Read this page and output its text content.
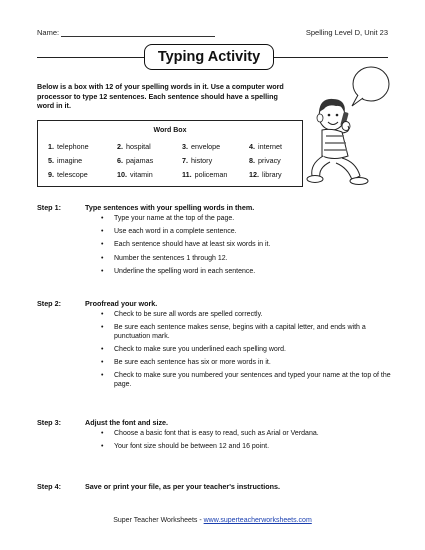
Name:	Spelling Level D, Unit 23
Typing Activity
Below is a box with 12 of your spelling words in it. Use a computer word processor to type 12 sentences. Each sentence should have a spelling word in it.
Word Box
1. telephone	2. hospital	3. envelope	4. internet
5. imagine	6. pajamas	7. history	8. privacy
9. telescope	10. vitamin	11. policeman	12. library
Step 1:	Type sentences with your spelling words in them.
• Type your name at the top of the page.
• Use each word in a complete sentence.
• Each sentence should have at least six words in it.
• Number the sentences 1 through 12.
• Underline the spelling word in each sentence.
Step 2:	Proofread your work.
• Check to be sure all words are spelled correctly.
• Be sure each sentence makes sense, begins with a capital letter, and ends with a punctuation mark.
• Check to make sure you underlined each spelling word.
• Be sure each sentence has six or more words in it.
• Check to make sure you numbered your sentences and typed your name at the top of the page.
Step 3:	Adjust the font and size.
• Choose a basic font that is easy to read, such as Arial or Verdana.
• Your font size should be between 12 and 16 point.
Step 4:	Save or print your file, as per your teacher's instructions.
Super Teacher Worksheets - www.superteacherworksheets.com
